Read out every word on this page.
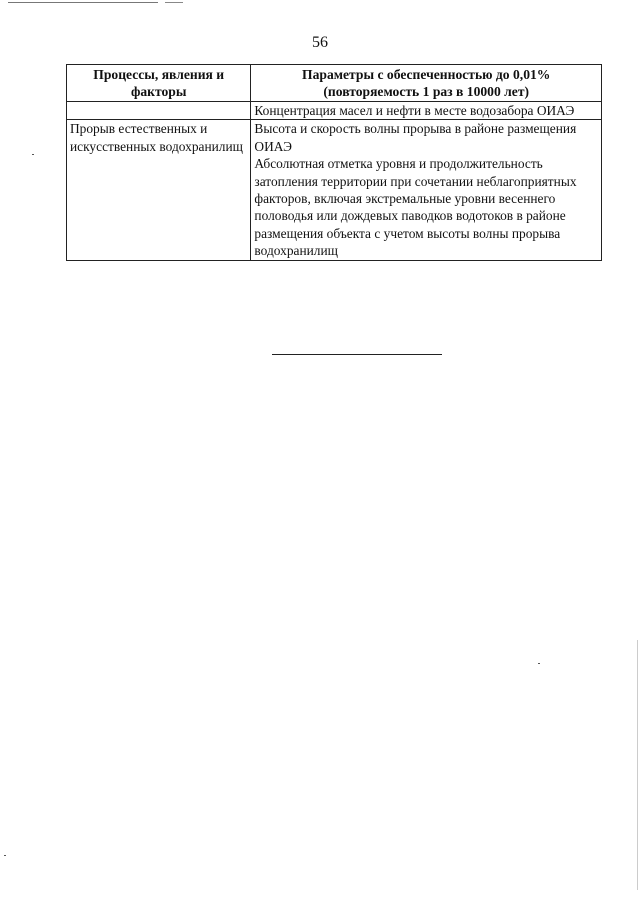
56
Процессы, явления и факторы	Параметры с обеспеченностью до 0,01%
(повторяемость 1 раз в 10000 лет)

	Концентрация масел и нефти в месте водозабора ОИАЭ

Прорыв естественных и искусственных водохранилищ	Высота и скорость волны прорыва в районе размещения ОИАЭ
Абсолютная отметка уровня и продолжительность затопления территории при сочетании неблагоприятных факторов, включая экстремальные уровни весеннего половодья или дождевых паводков водотоков в районе размещения объекта с учетом высоты волны прорыва водохранилищ
